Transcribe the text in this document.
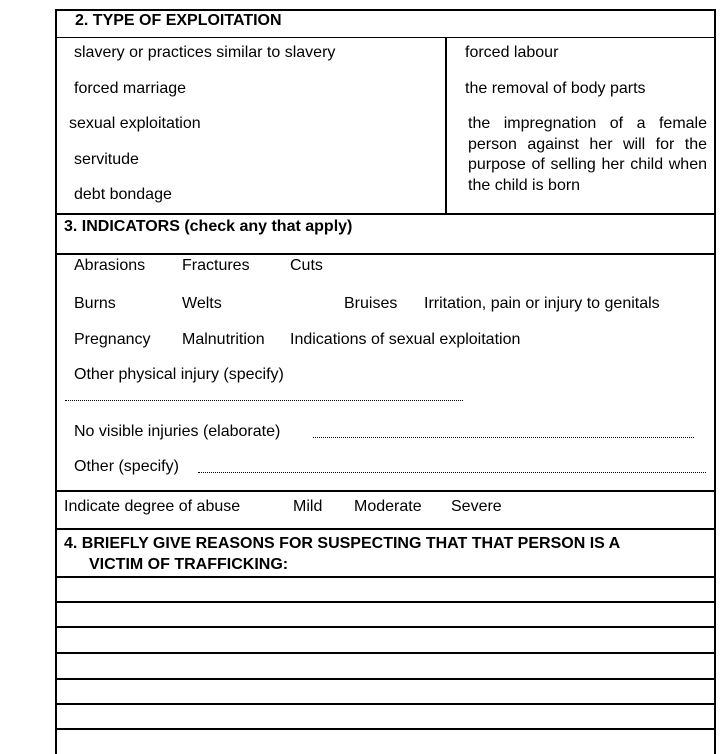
2. TYPE OF EXPLOITATION
slavery or practices similar to slavery
forced marriage
sexual exploitation
servitude
debt bondage
forced labour
the removal of body parts
the impregnation of a female person against her will for the purpose of selling her child when the child is born
3. INDICATORS (check any that apply)
Abrasions Fractures	Cuts
Burns	Welts	Bruises Irritation, pain or injury to genitals
Pregnancy Malnutrition Indications of sexual exploitation
Other physical injury (specify)
No visible injuries (elaborate)
Other (specify)
Indicate degree of abuse	Mild Moderate Severe
4. BRIEFLY GIVE REASONS FOR SUSPECTING THAT THAT PERSON IS A
VICTIM OF TRAFFICKING:
